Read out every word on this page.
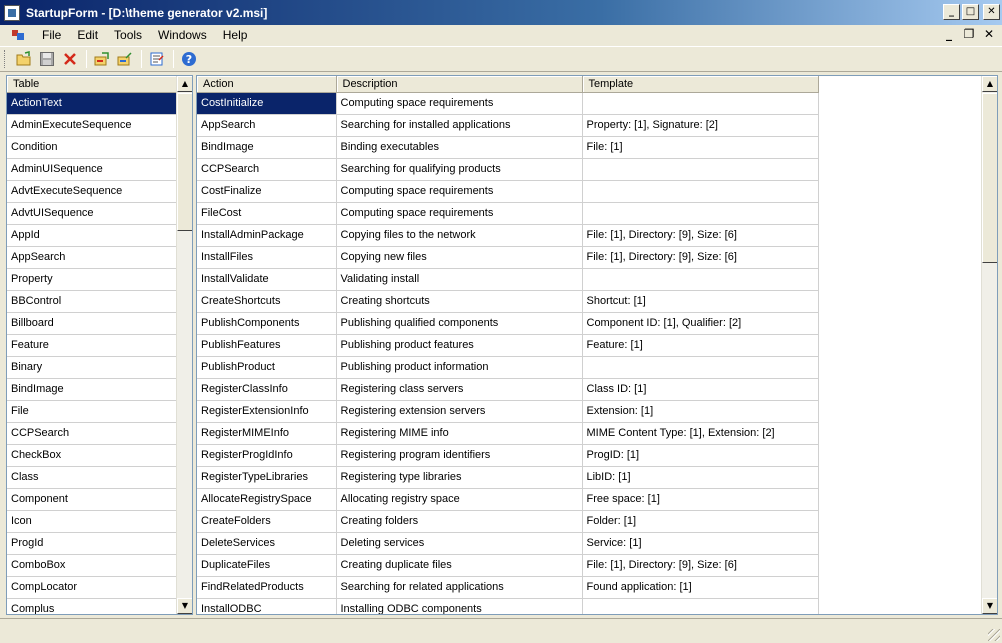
StartupForm - [D:\theme generator v2.msi]	_	□	✕
File	Edit	Tools	Windows	Help	_ ❐ ✕
?
Table
ActionText
AdminExecuteSequence
Condition
AdminUISequence
AdvtExecuteSequence
AdvtUISequence
AppId
AppSearch
Property
BBControl
Billboard
Feature
Binary
BindImage
File
CCPSearch
CheckBox
Class
Component
Icon
ProgId
ComboBox
CompLocator
Complus
▲
▼
Action	Description	Template
CostInitialize	Computing space requirements	
AppSearch	Searching for installed applications	Property: [1], Signature: [2]
BindImage	Binding executables	File: [1]
CCPSearch	Searching for qualifying products	
CostFinalize	Computing space requirements	
FileCost	Computing space requirements	
InstallAdminPackage	Copying files to the network	File: [1], Directory: [9], Size: [6]
InstallFiles	Copying new files	File: [1], Directory: [9], Size: [6]
InstallValidate	Validating install	
CreateShortcuts	Creating shortcuts	Shortcut: [1]
PublishComponents	Publishing qualified components	Component ID: [1], Qualifier: [2]
PublishFeatures	Publishing product features	Feature: [1]
PublishProduct	Publishing product information	
RegisterClassInfo	Registering class servers	Class ID: [1]
RegisterExtensionInfo	Registering extension servers	Extension: [1]
RegisterMIMEInfo	Registering MIME info	MIME Content Type: [1], Extension: [2]
RegisterProgIdInfo	Registering program identifiers	ProgID: [1]
RegisterTypeLibraries	Registering type libraries	LibID: [1]
AllocateRegistrySpace	Allocating registry space	Free space: [1]
CreateFolders	Creating folders	Folder: [1]
DeleteServices	Deleting services	Service: [1]
DuplicateFiles	Creating duplicate files	File: [1], Directory: [9], Size: [6]
FindRelatedProducts	Searching for related applications	Found application: [1]
InstallODBC	Installing ODBC components	
▲
▼
